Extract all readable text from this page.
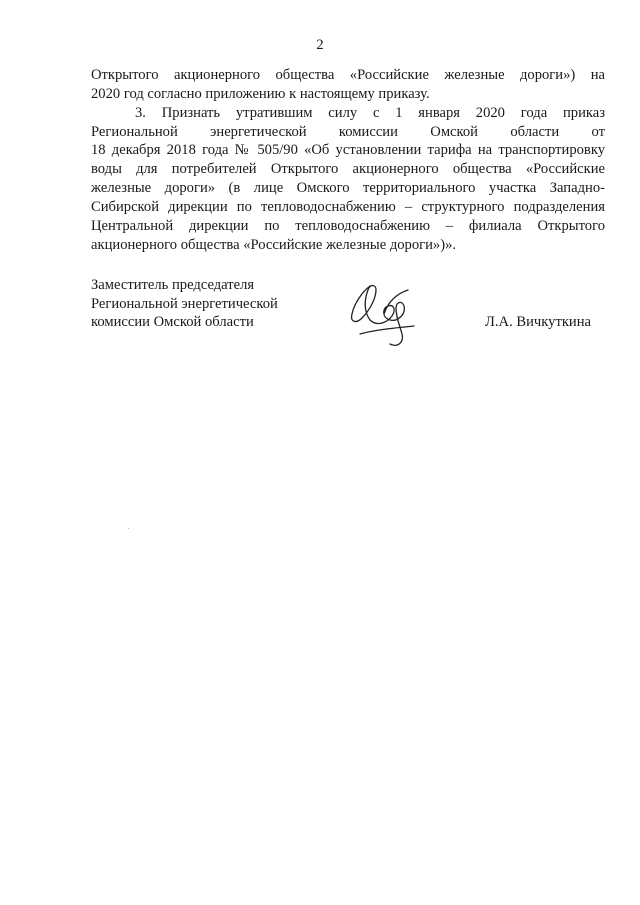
2
Открытого акционерного общества «Российские железные дороги») на
2020 год согласно приложению к настоящему приказу.
3. Признать утратившим силу с 1 января 2020 года приказ
Региональной энергетической комиссии Омской области от
18 декабря 2018 года № 505/90 «Об установлении тарифа на транспортировку
воды для потребителей Открытого акционерного общества «Российские
железные дороги» (в лице Омского территориального участка Западно-
Сибирской дирекции по тепловодоснабжению – структурного подразделения
Центральной дирекции по тепловодоснабжению – филиала Открытого
акционерного общества «Российские железные дороги»)».
Заместитель председателя
Региональной энергетической
комиссии Омской области	Л.А. Вичкуткина
